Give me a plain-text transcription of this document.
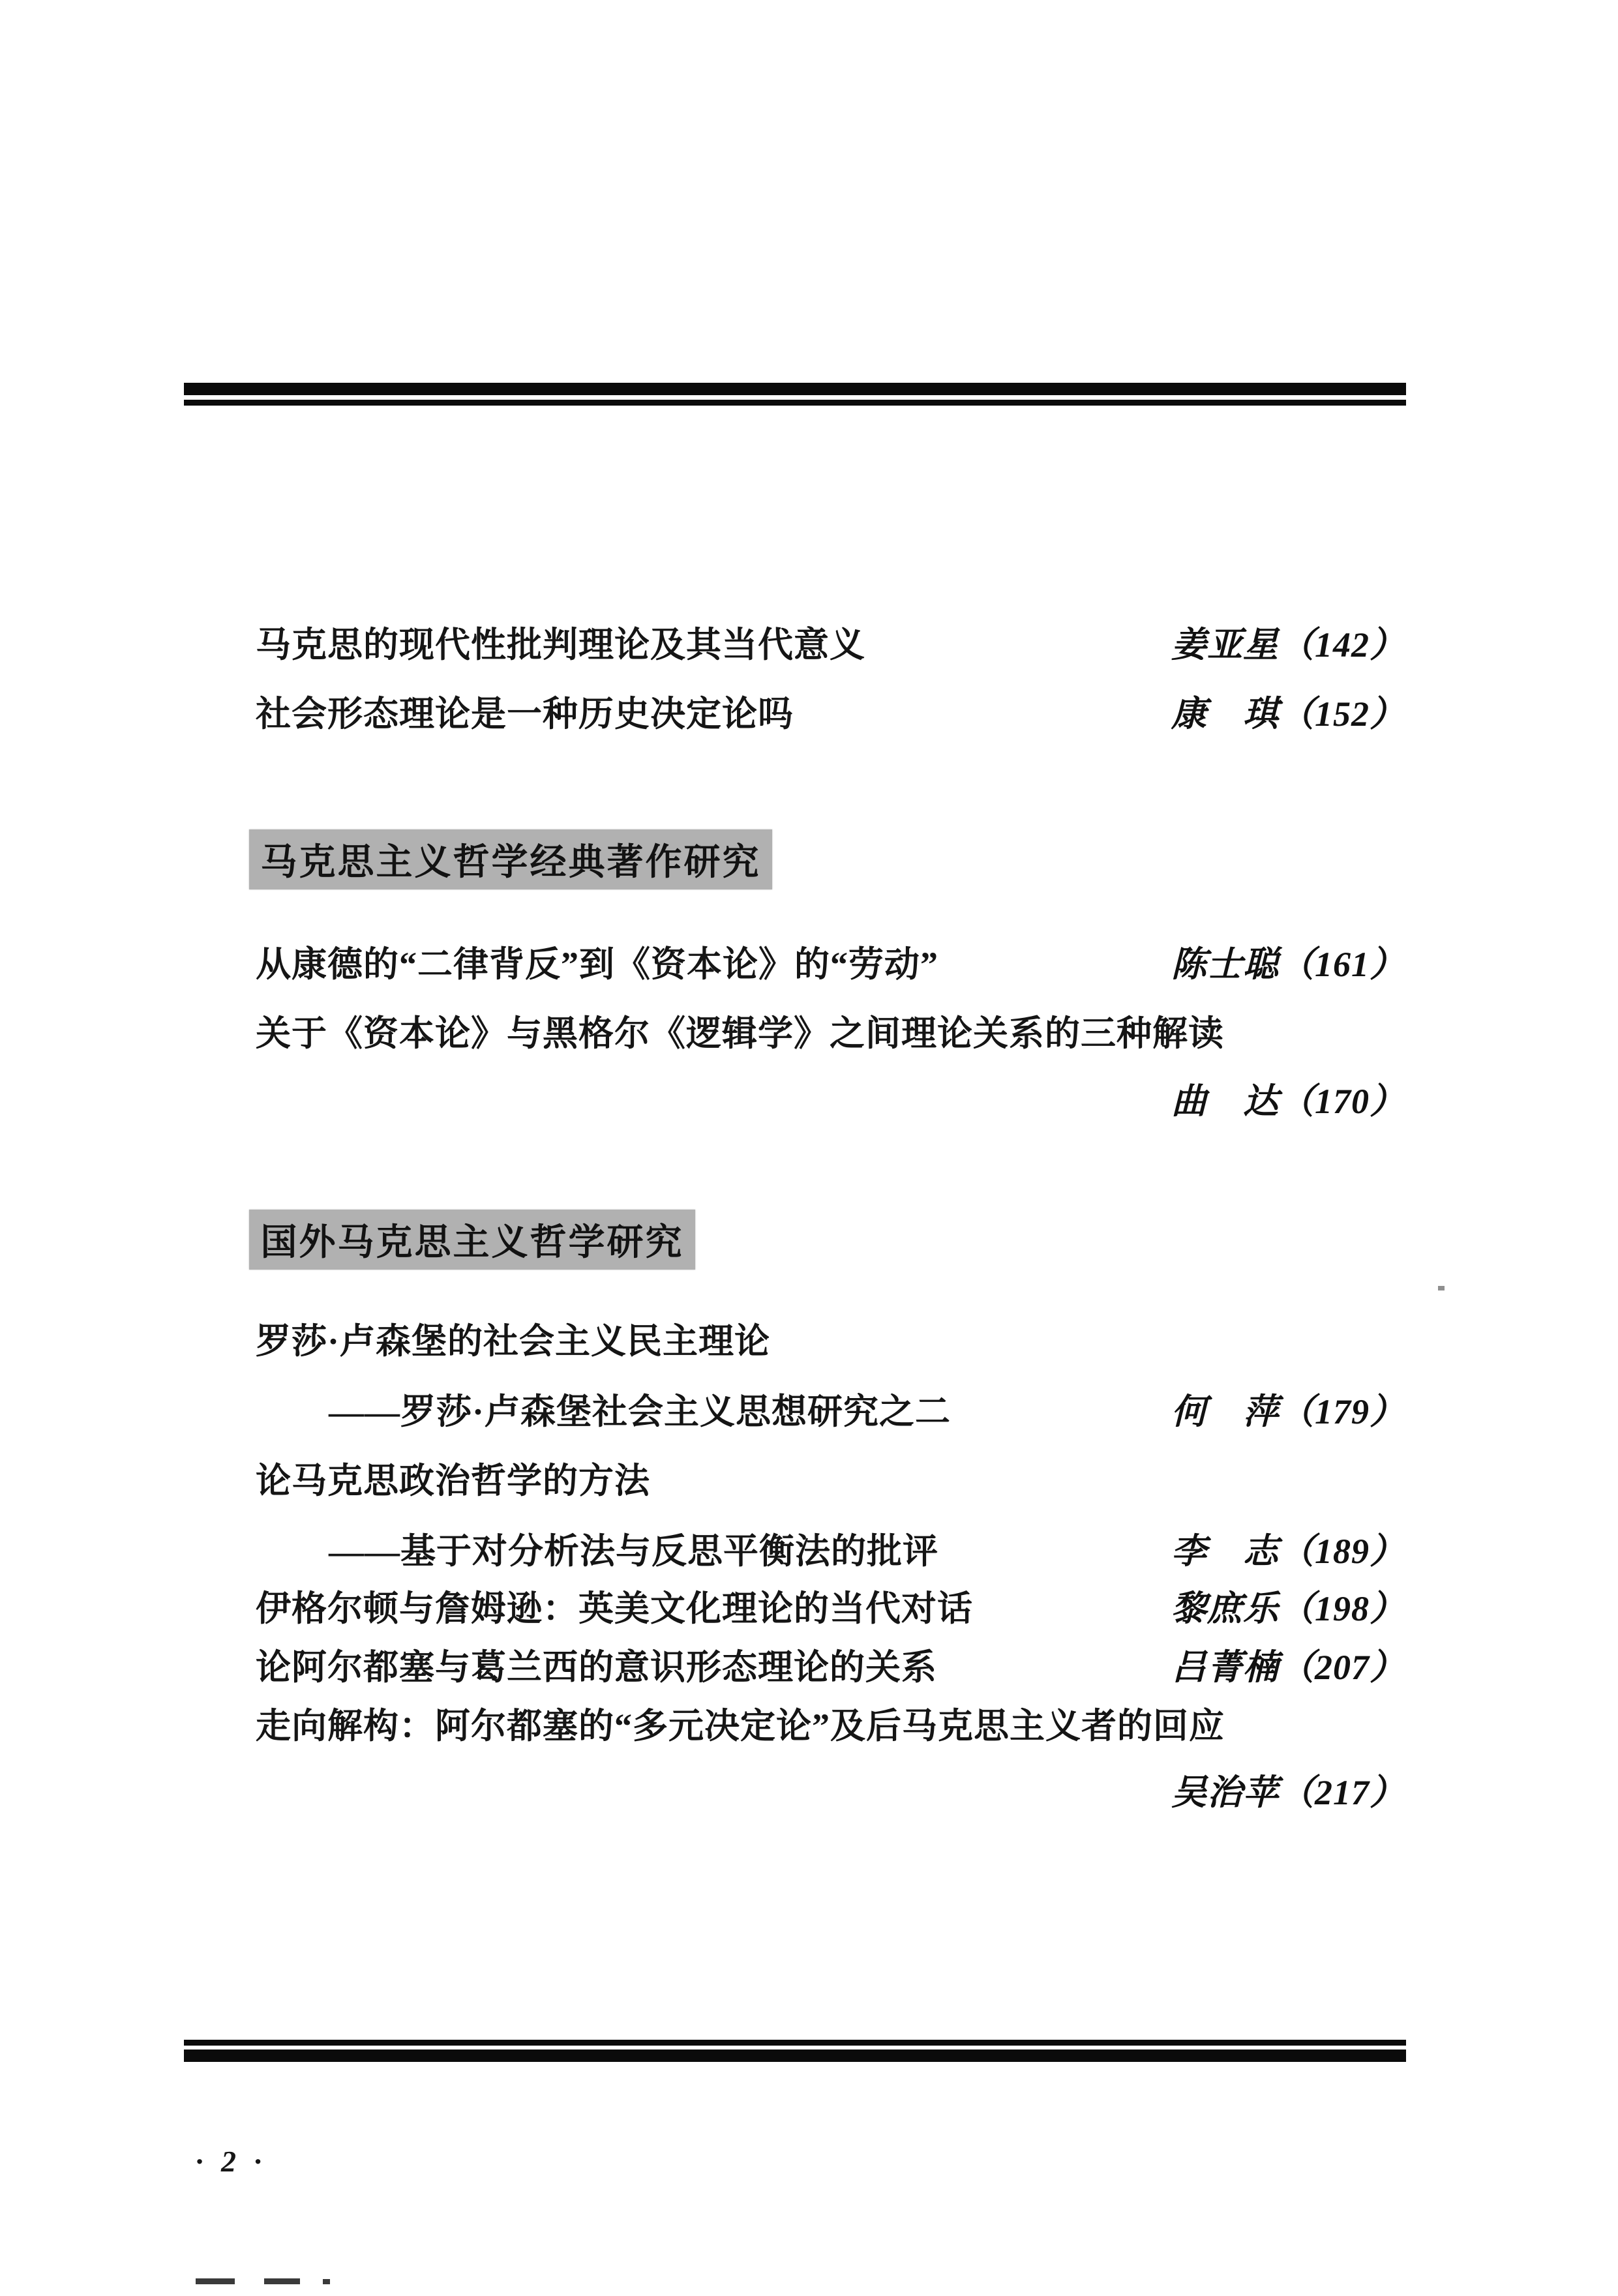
马克思的现代性批判理论及其当代意义	姜亚星（142）
社会形态理论是一种历史决定论吗	康　琪（152）
马克思主义哲学经典著作研究
从康德的“二律背反”到《资本论》的“劳动”	陈士聪（161）
关于《资本论》与黑格尔《逻辑学》之间理论关系的三种解读
曲　达（170）
国外马克思主义哲学研究
罗莎·卢森堡的社会主义民主理论
——罗莎·卢森堡社会主义思想研究之二	何　萍（179）
论马克思政治哲学的方法
——基于对分析法与反思平衡法的批评	李　志（189）
伊格尔顿与詹姆逊：英美文化理论的当代对话	黎庶乐（198）
论阿尔都塞与葛兰西的意识形态理论的关系	吕菁楠（207）
走向解构：阿尔都塞的“多元决定论”及后马克思主义者的回应
吴治苹（217）
· 2 ·
